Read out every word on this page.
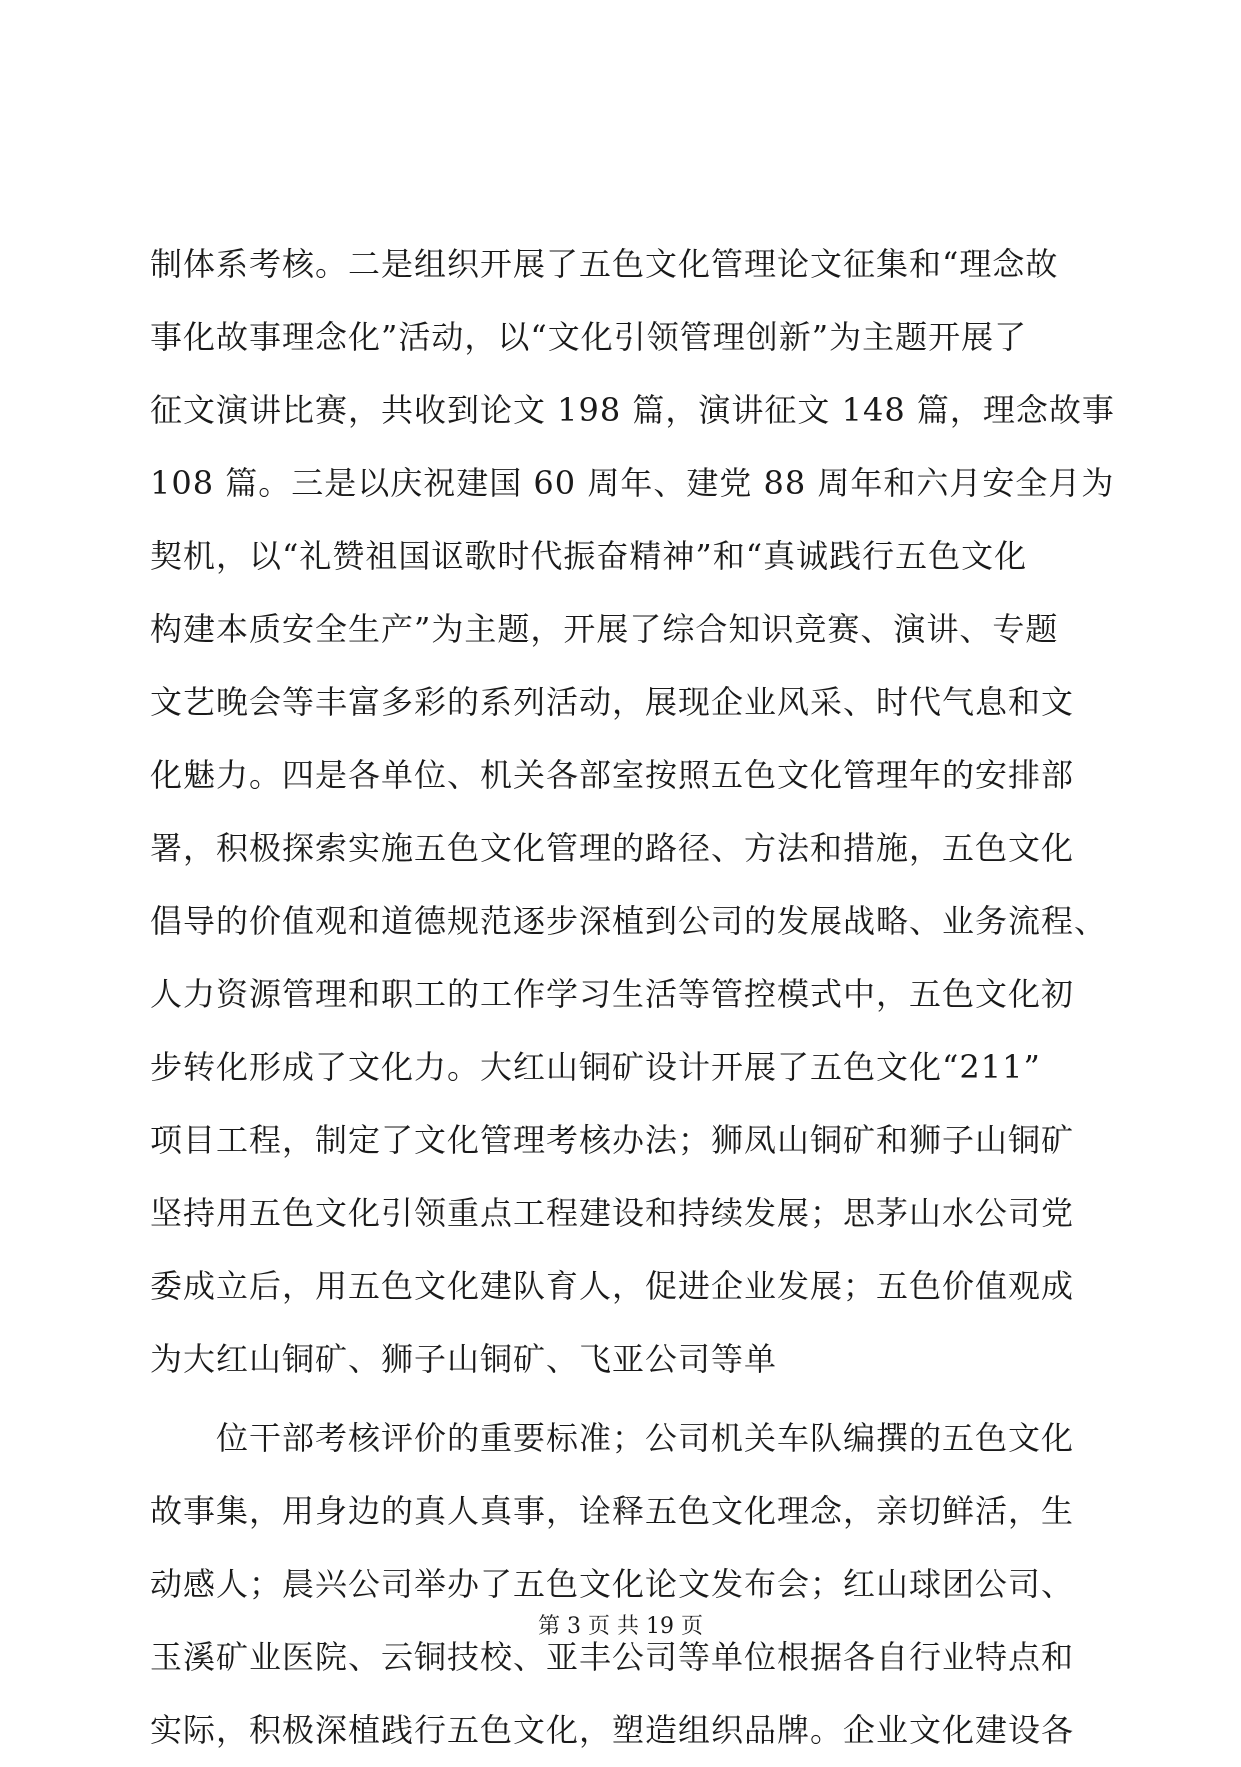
制体系考核。二是组织开展了五色文化管理论文征集和“理念故
事化故事理念化”活动，以“文化引领管理创新”为主题开展了
征文演讲比赛，共收到论文 198 篇，演讲征文 148 篇，理念故事
108 篇。三是以庆祝建国 60 周年、建党 88 周年和六月安全月为
契机，以“礼赞祖国讴歌时代振奋精神”和“真诚践行五色文化
构建本质安全生产”为主题，开展了综合知识竞赛、演讲、专题
文艺晚会等丰富多彩的系列活动，展现企业风采、时代气息和文
化魅力。四是各单位、机关各部室按照五色文化管理年的安排部
署，积极探索实施五色文化管理的路径、方法和措施，五色文化
倡导的价值观和道德规范逐步深植到公司的发展战略、业务流程、
人力资源管理和职工的工作学习生活等管控模式中，五色文化初
步转化形成了文化力。大红山铜矿设计开展了五色文化“211”
项目工程，制定了文化管理考核办法；狮凤山铜矿和狮子山铜矿
坚持用五色文化引领重点工程建设和持续发展；思茅山水公司党
委成立后，用五色文化建队育人，促进企业发展；五色价值观成
为大红山铜矿、狮子山铜矿、飞亚公司等单
位干部考核评价的重要标准；公司机关车队编撰的五色文化
故事集，用身边的真人真事，诠释五色文化理念，亲切鲜活，生
动感人；晨兴公司举办了五色文化论文发布会；红山球团公司、
玉溪矿业医院、云铜技校、亚丰公司等单位根据各自行业特点和
实际，积极深植践行五色文化，塑造组织品牌。企业文化建设各
第 3 页 共 19 页
